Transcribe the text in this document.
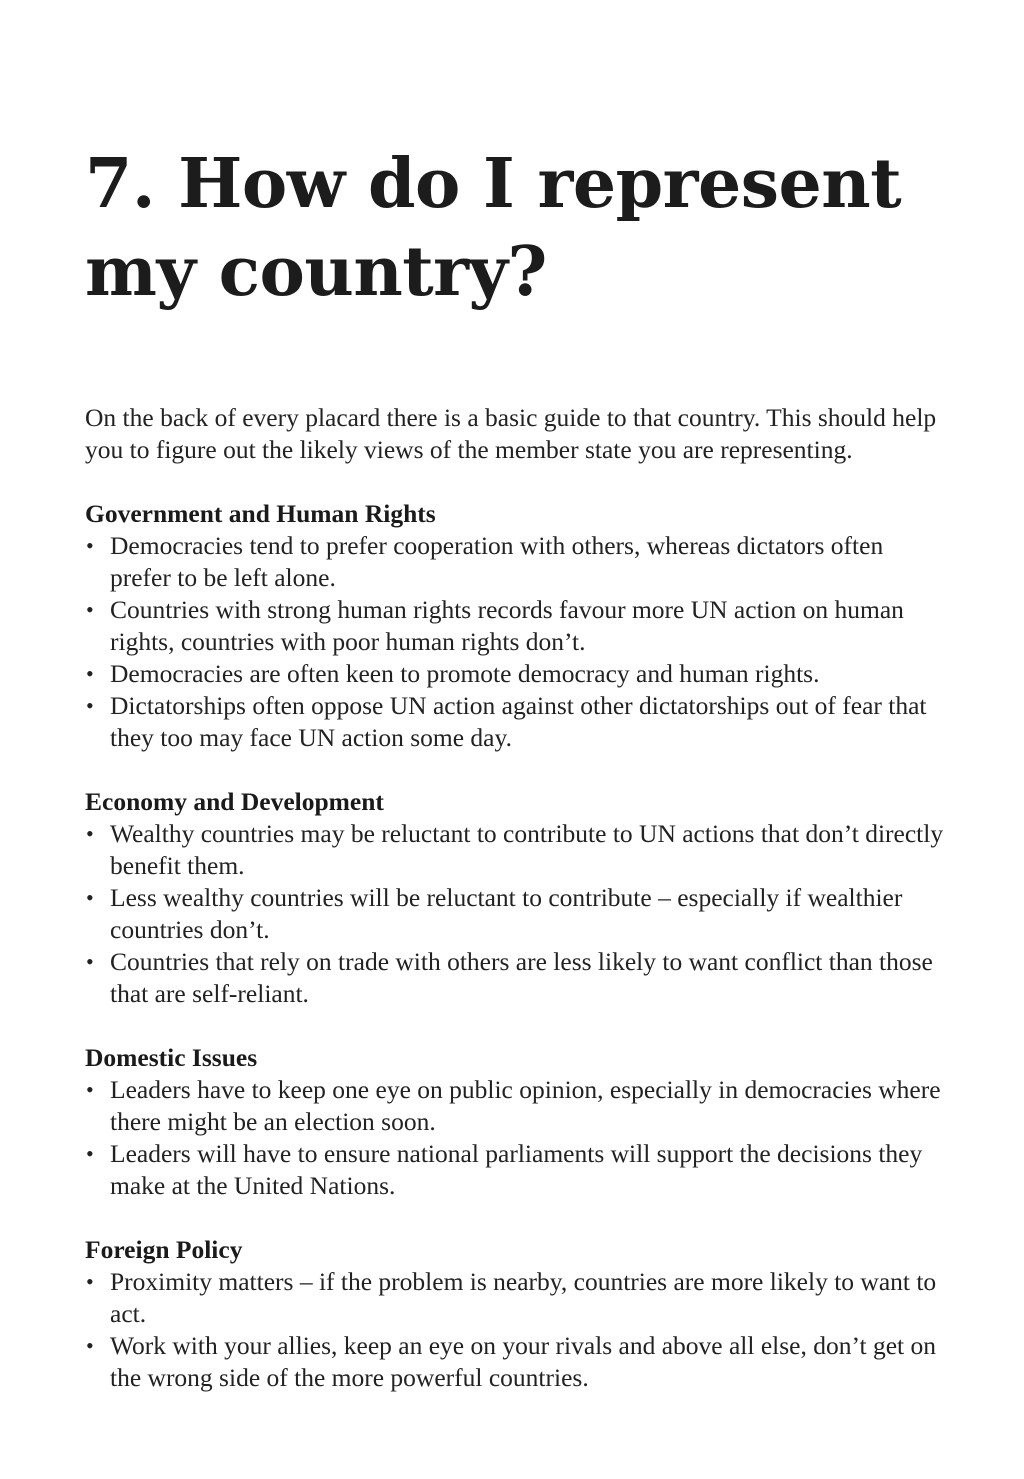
7. How do I represent my country?

On the back of every placard there is a basic guide to that country. This should help you to figure out the likely views of the member state you are representing.

Government and Human Rights
• Democracies tend to prefer cooperation with others, whereas dictators often prefer to be left alone.
• Countries with strong human rights records favour more UN action on human rights, countries with poor human rights don’t.
• Democracies are often keen to promote democracy and human rights.
• Dictatorships often oppose UN action against other dictatorships out of fear that they too may face UN action some day.
Economy and Development
• Wealthy countries may be reluctant to contribute to UN actions that don’t directly benefit them.
• Less wealthy countries will be reluctant to contribute – especially if wealthier countries don’t.
• Countries that rely on trade with others are less likely to want conflict than those that are self-reliant.
Domestic Issues
• Leaders have to keep one eye on public opinion, especially in democracies where there might be an election soon.
• Leaders will have to ensure national parliaments will support the decisions they make at the United Nations.
Foreign Policy
• Proximity matters – if the problem is nearby, countries are more likely to want to act.
• Work with your allies, keep an eye on your rivals and above all else, don’t get on the wrong side of the more powerful countries.
